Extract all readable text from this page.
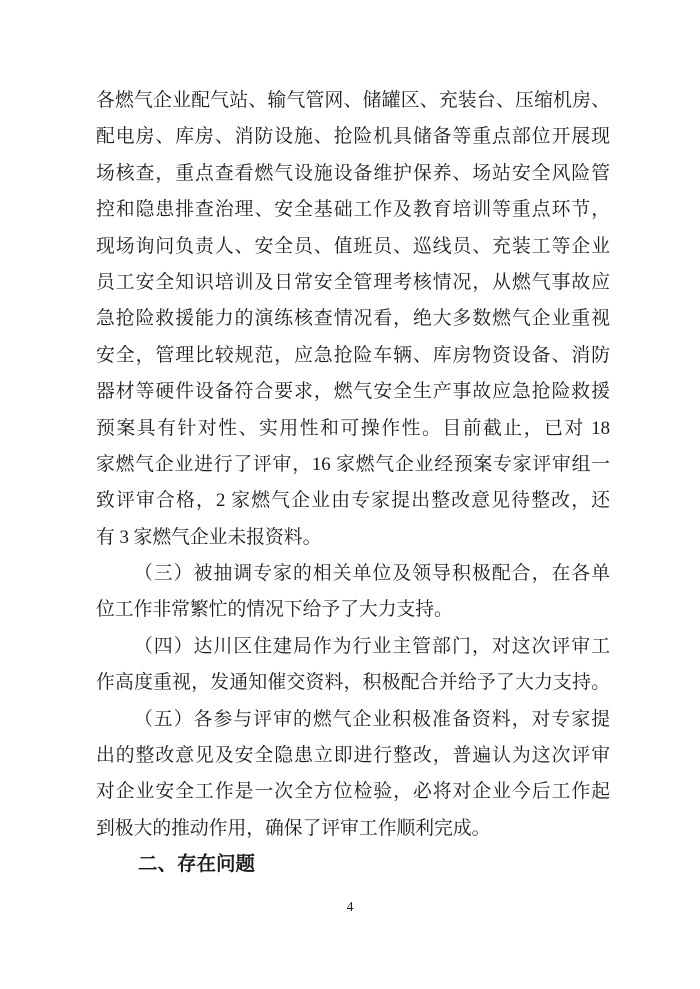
各燃气企业配气站、输气管网、储罐区、充装台、压缩机房、
配电房、库房、消防设施、抢险机具储备等重点部位开展现
场核查，重点查看燃气设施设备维护保养、场站安全风险管
控和隐患排查治理、安全基础工作及教育培训等重点环节，
现场询问负责人、安全员、值班员、巡线员、充装工等企业
员工安全知识培训及日常安全管理考核情况，从燃气事故应
急抢险救援能力的演练核查情况看，绝大多数燃气企业重视
安全，管理比较规范，应急抢险车辆、库房物资设备、消防
器材等硬件设备符合要求，燃气安全生产事故应急抢险救援
预案具有针对性、实用性和可操作性。目前截止，已对 18
家燃气企业进行了评审，16 家燃气企业经预案专家评审组一
致评审合格，2 家燃气企业由专家提出整改意见待整改，还
有 3 家燃气企业未报资料。
（三）被抽调专家的相关单位及领导积极配合，在各单
位工作非常繁忙的情况下给予了大力支持。
（四）达川区住建局作为行业主管部门，对这次评审工
作高度重视，发通知催交资料，积极配合并给予了大力支持。
（五）各参与评审的燃气企业积极准备资料，对专家提
出的整改意见及安全隐患立即进行整改，普遍认为这次评审
对企业安全工作是一次全方位检验，必将对企业今后工作起
到极大的推动作用，确保了评审工作顺利完成。
二、存在问题
4
